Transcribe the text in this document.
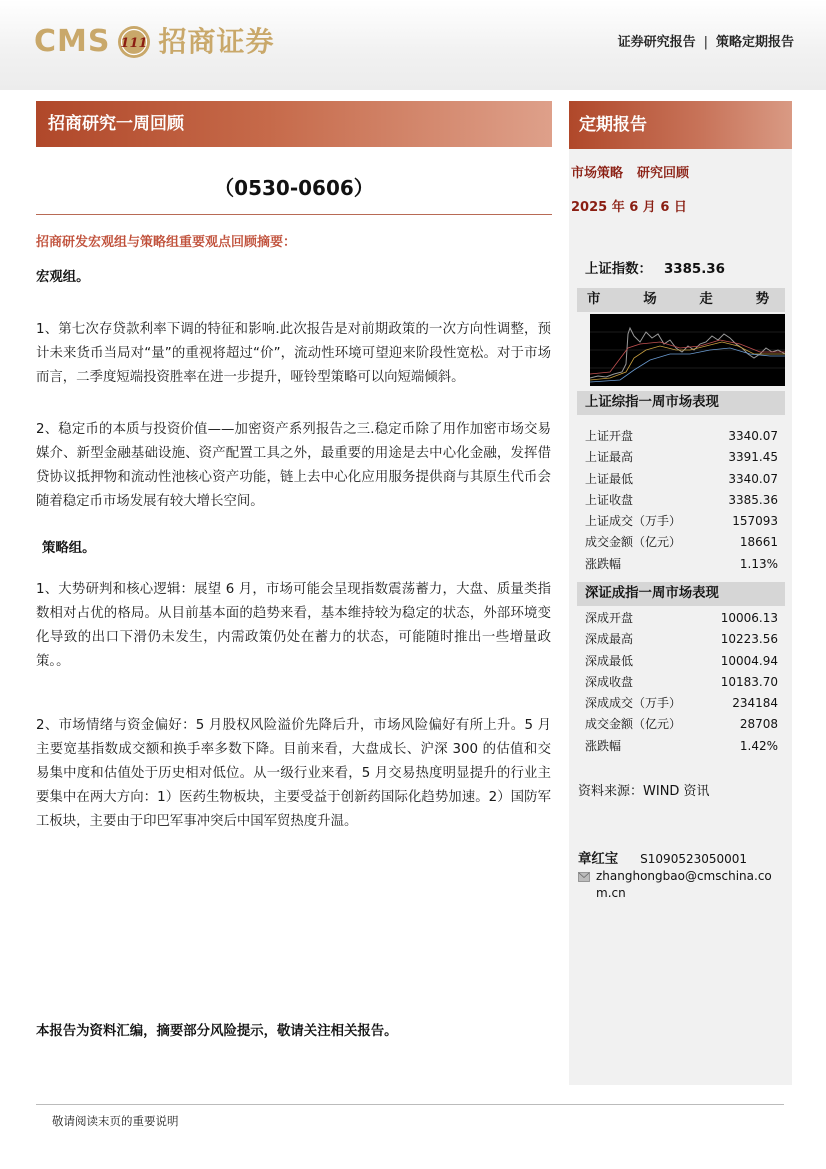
CMS 111 招商证券	证券研究报告 | 策略定期报告
招商研究一周回顾
（0530-0606）
招商研发宏观组与策略组重要观点回顾摘要：
宏观组。
1、第七次存贷款利率下调的特征和影响.此次报告是对前期政策的一次方向性调整，预计未来货币当局对“量”的重视将超过“价”，流动性环境可望迎来阶段性宽松。对于市场而言，二季度短端投资胜率在进一步提升，哑铃型策略可以向短端倾斜。
2、稳定币的本质与投资价值——加密资产系列报告之三.稳定币除了用作加密市场交易媒介、新型金融基础设施、资产配置工具之外，最重要的用途是去中心化金融，发挥借贷协议抵押物和流动性池核心资产功能，链上去中心化应用服务提供商与其原生代币会随着稳定币市场发展有较大增长空间。
策略组。
1、大势研判和核心逻辑：展望 6 月，市场可能会呈现指数震荡蓄力，大盘、质量类指数相对占优的格局。从目前基本面的趋势来看，基本维持较为稳定的状态，外部环境变化导致的出口下滑仍未发生，内需政策仍处在蓄力的状态，可能随时推出一些增量政策。。
2、市场情绪与资金偏好：5 月股权风险溢价先降后升，市场风险偏好有所上升。5 月主要宽基指数成交额和换手率多数下降。目前来看，大盘成长、沪深 300 的估值和交易集中度和估值处于历史相对低位。从一级行业来看，5 月交易热度明显提升的行业主要集中在两大方向：1）医药生物板块，主要受益于创新药国际化趋势加速。2）国防军工板块，主要由于印巴军事冲突后中国军贸热度升温。
本报告为资料汇编，摘要部分风险提示，敬请关注相关报告。
定期报告
市场策略 研究回顾
2025 年 6 月 6 日
上证指数： 3385.36
市	场	走	势
上证综指一周市场表现
上证开盘	3340.07
上证最高	3391.45
上证最低	3340.07
上证收盘	3385.36
上证成交（万手）	157093
成交金额（亿元）	18661
涨跌幅	1.13%
深证成指一周市场表现
深成开盘	10006.13
深成最高	10223.56
深成最低	10004.94
深成收盘	10183.70
深成成交（万手）	234184
成交金额（亿元）	28708
涨跌幅	1.42%
资料来源：WIND 资讯
章红宝 S1090523050001
zhanghongbao@cmschina.com.cn
敬请阅读末页的重要说明
